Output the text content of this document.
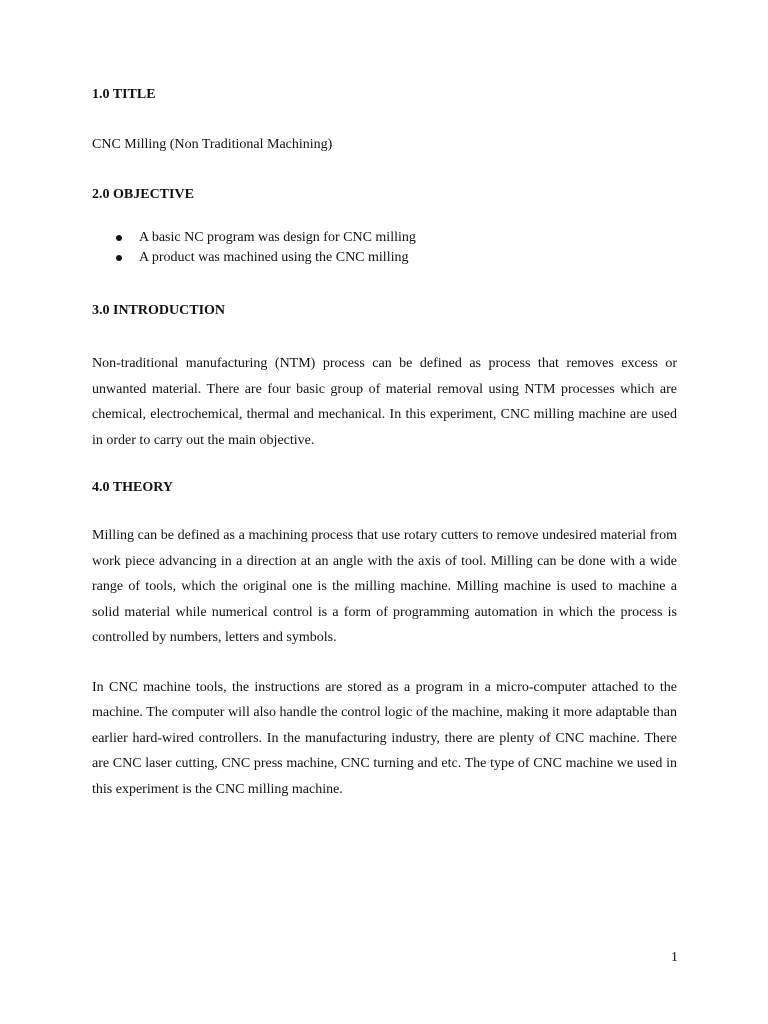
1.0 TITLE

CNC Milling (Non Traditional Machining)

2.0 OBJECTIVE

A basic NC program was design for CNC milling
A product was machined using the CNC milling

3.0 INTRODUCTION

Non-traditional manufacturing (NTM) process can be defined as process that removes excess or unwanted material. There are four basic group of material removal using NTM processes which are chemical, electrochemical, thermal and mechanical. In this experiment, CNC milling machine are used in order to carry out the main objective.

4.0 THEORY

Milling can be defined as a machining process that use rotary cutters to remove undesired material from work piece advancing in a direction at an angle with the axis of tool. Milling can be done with a wide range of tools, which the original one is the milling machine. Milling machine is used to machine a solid material while numerical control is a form of programming automation in which the process is controlled by numbers, letters and symbols.

In CNC machine tools, the instructions are stored as a program in a micro-computer attached to the machine. The computer will also handle the control logic of the machine, making it more adaptable than earlier hard-wired controllers. In the manufacturing industry, there are plenty of CNC machine. There are CNC laser cutting, CNC press machine, CNC turning and etc. The type of CNC machine we used in this experiment is the CNC milling machine.

1
